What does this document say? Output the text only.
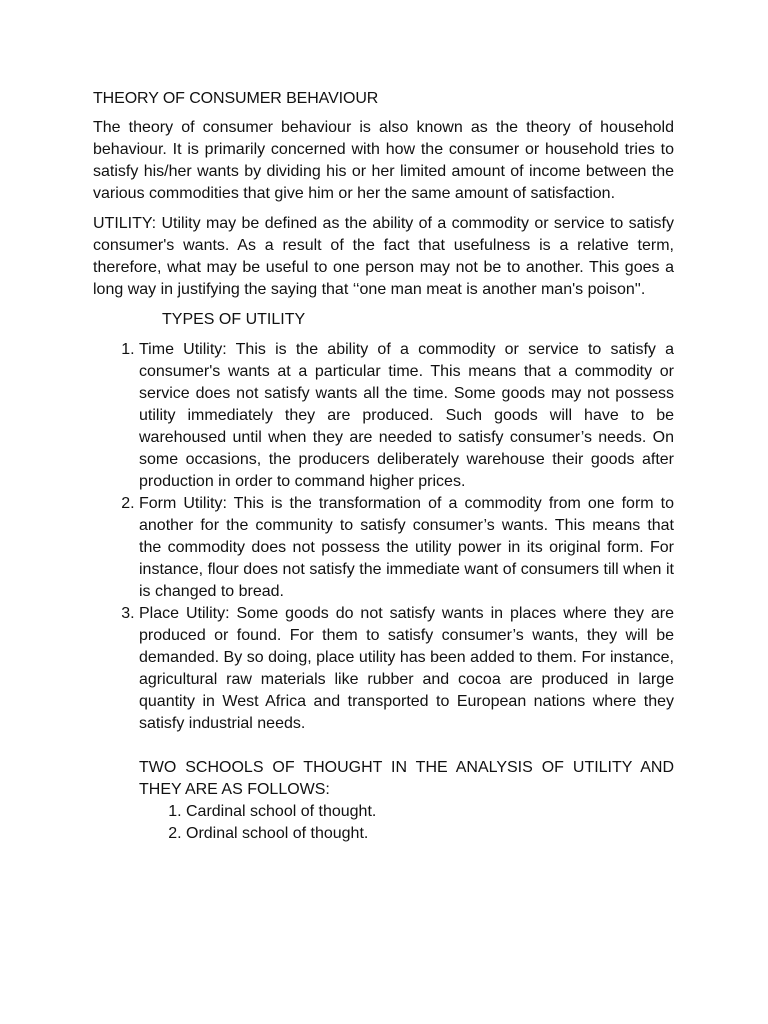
THEORY OF CONSUMER BEHAVIOUR

The theory of consumer behaviour is also known as the theory of household behaviour. It is primarily concerned with how the consumer or household tries to satisfy his/her wants by dividing his or her limited amount of income between the various commodities that give him or her the same amount of satisfaction.

UTILITY: Utility may be defined as the ability of a commodity or service to satisfy consumer's wants. As a result of the fact that usefulness is a relative term, therefore, what may be useful to one person may not be to another. This goes a long way in justifying the saying that ‘‘one man meat is another man's poison''.

TYPES OF UTILITY
1. Time Utility: This is the ability of a commodity or service to satisfy a consumer's wants at a particular time. This means that a commodity or service does not satisfy wants all the time. Some goods may not possess utility immediately they are produced. Such goods will have to be warehoused until when they are needed to satisfy consumer’s needs. On some occasions, the producers deliberately warehouse their goods after production in order to command higher prices.
2. Form Utility: This is the transformation of a commodity from one form to another for the community to satisfy consumer’s wants. This means that the commodity does not possess the utility power in its original form. For instance, flour does not satisfy the immediate want of consumers till when it is changed to bread.
3. Place Utility: Some goods do not satisfy wants in places where they are produced or found. For them to satisfy consumer’s wants, they will be demanded. By so doing, place utility has been added to them. For instance, agricultural raw materials like rubber and cocoa are produced in large quantity in West Africa and transported to European nations where they satisfy industrial needs.
TWO SCHOOLS OF THOUGHT IN THE ANALYSIS OF UTILITY AND THEY ARE AS FOLLOWS:
1. Cardinal school of thought.
2. Ordinal school of thought.
